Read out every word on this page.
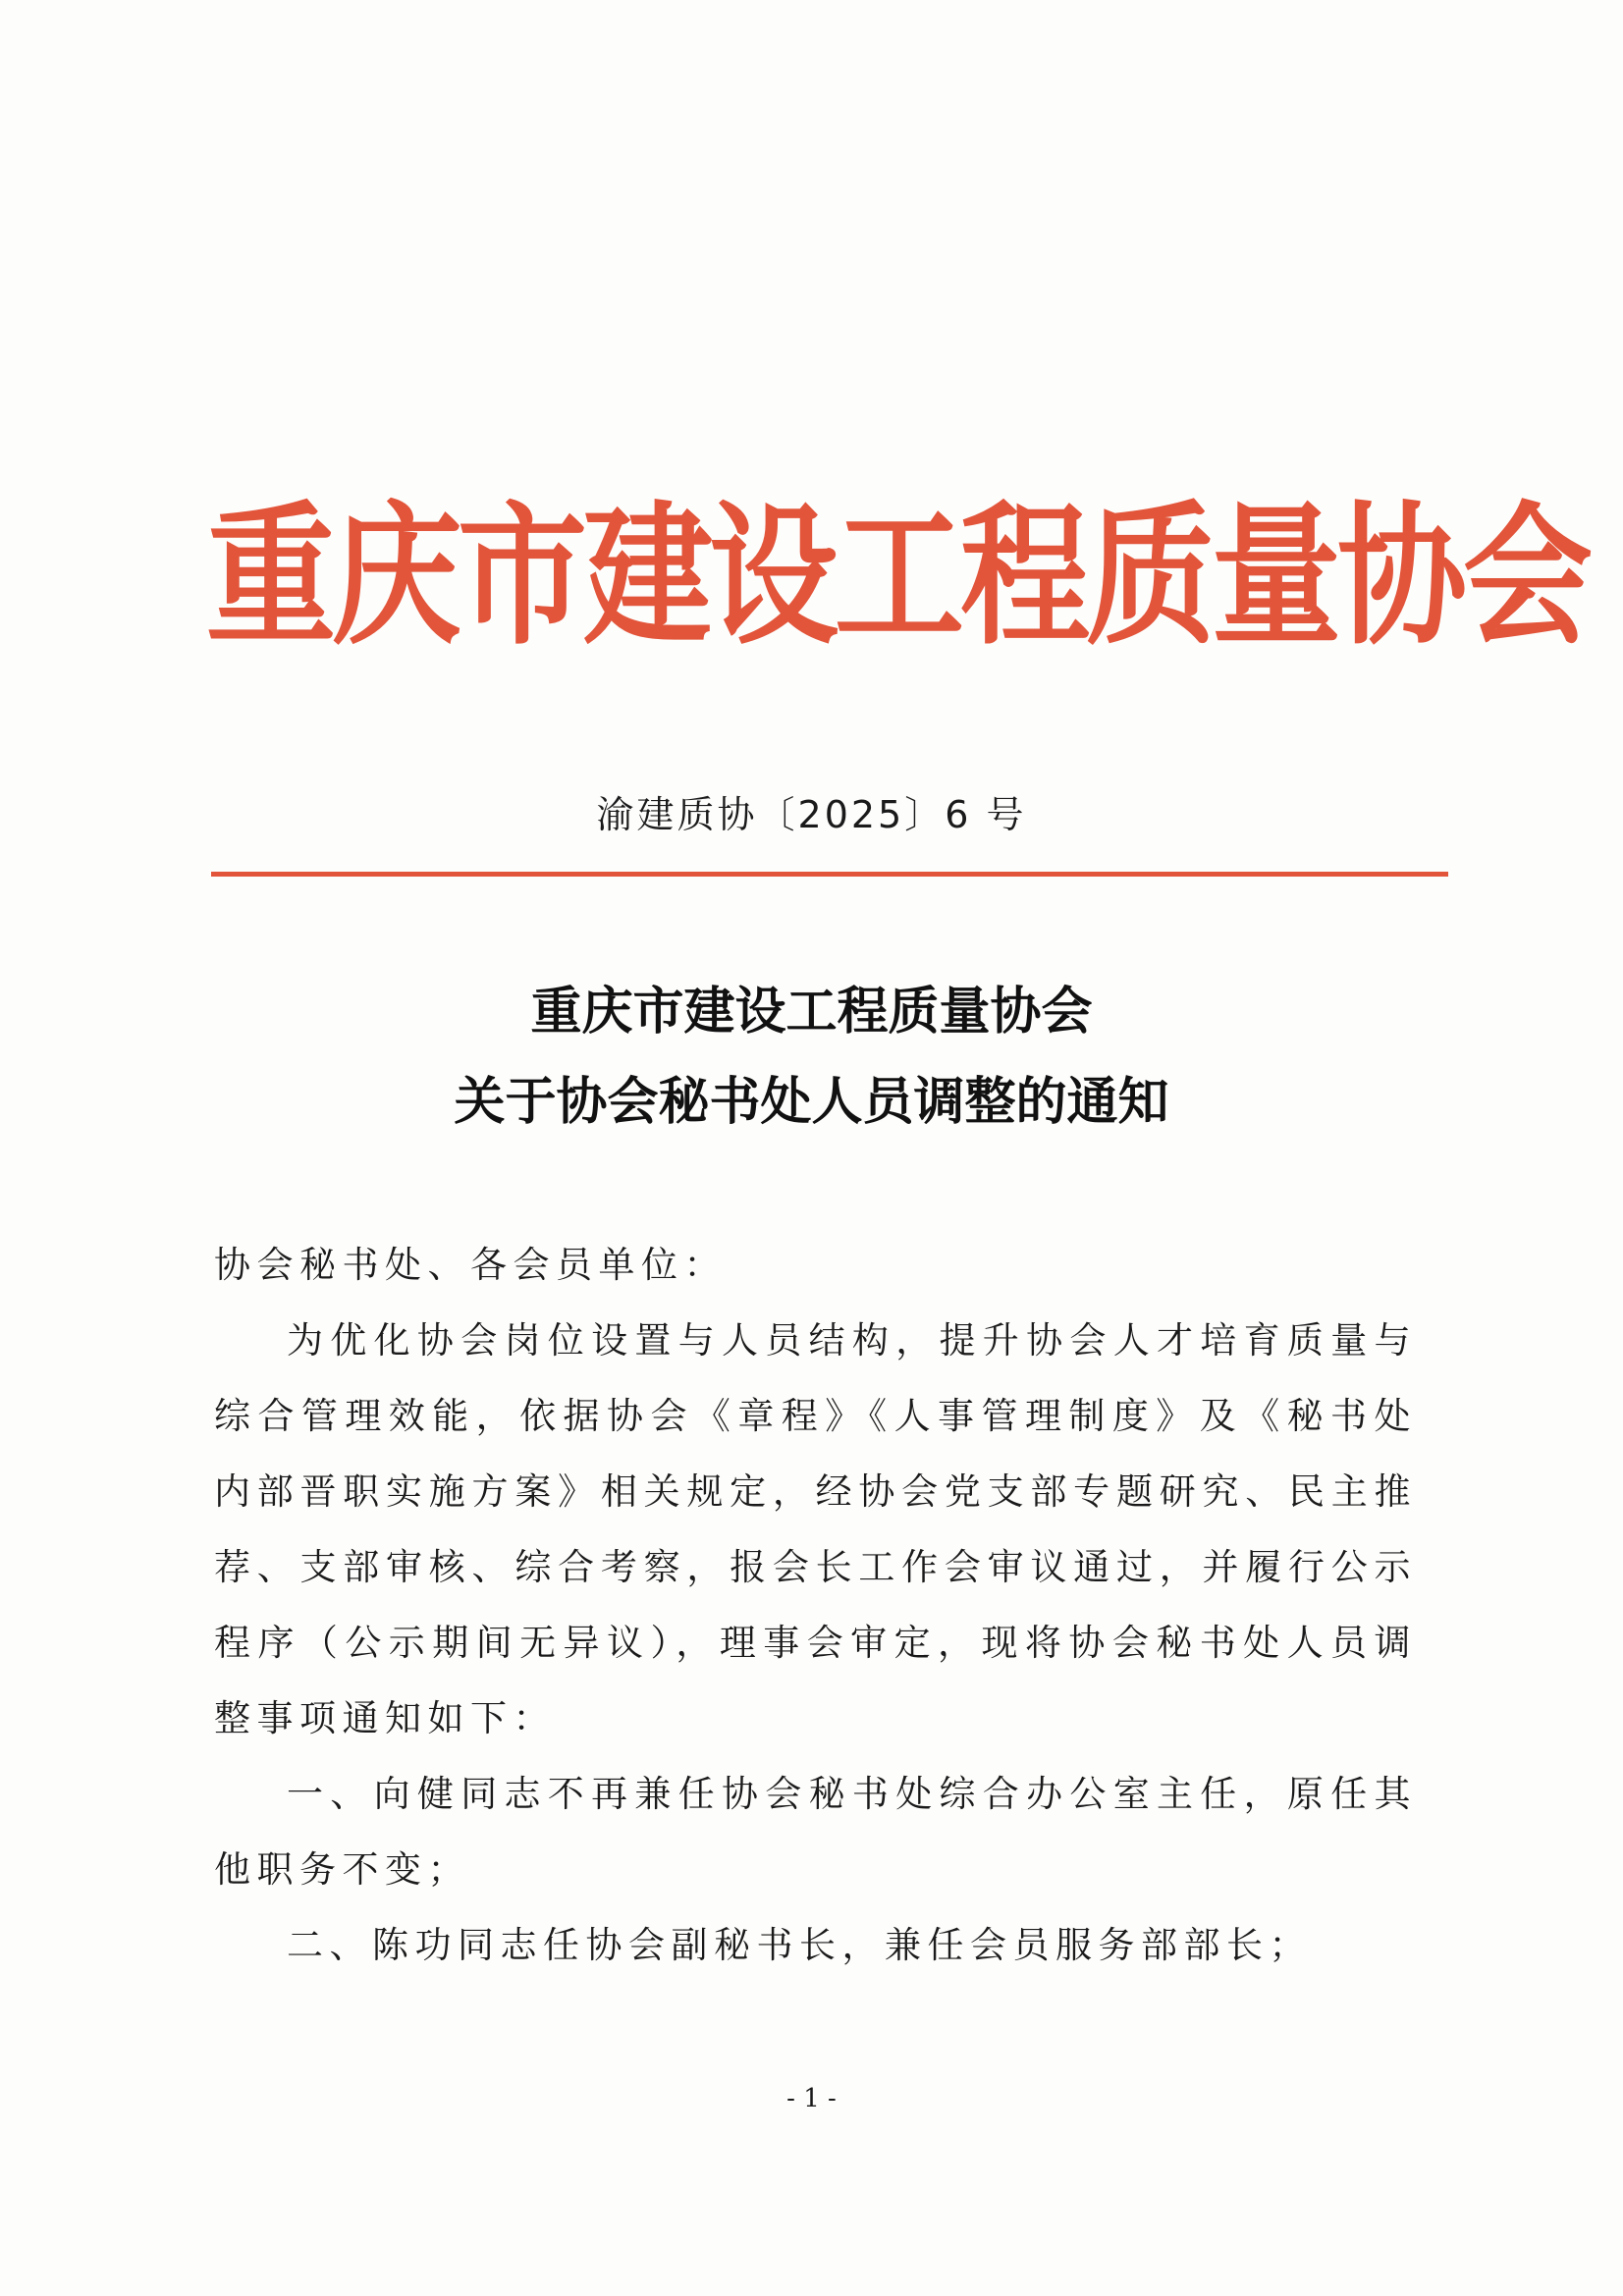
重庆市建设工程质量协会
渝建质协〔2025〕6 号
重庆市建设工程质量协会
关于协会秘书处人员调整的通知

协会秘书处、各会员单位：

为优化协会岗位设置与人员结构，提升协会人才培育质量与综合管理效能，依据协会《章程》《人事管理制度》及《秘书处内部晋职实施方案》相关规定，经协会党支部专题研究、民主推荐、支部审核、综合考察，报会长工作会审议通过，并履行公示程序（公示期间无异议），理事会审定，现将协会秘书处人员调整事项通知如下：

一、向健同志不再兼任协会秘书处综合办公室主任，原任其他职务不变；

二、陈功同志任协会副秘书长，兼任会员服务部部长；

- 1 -
